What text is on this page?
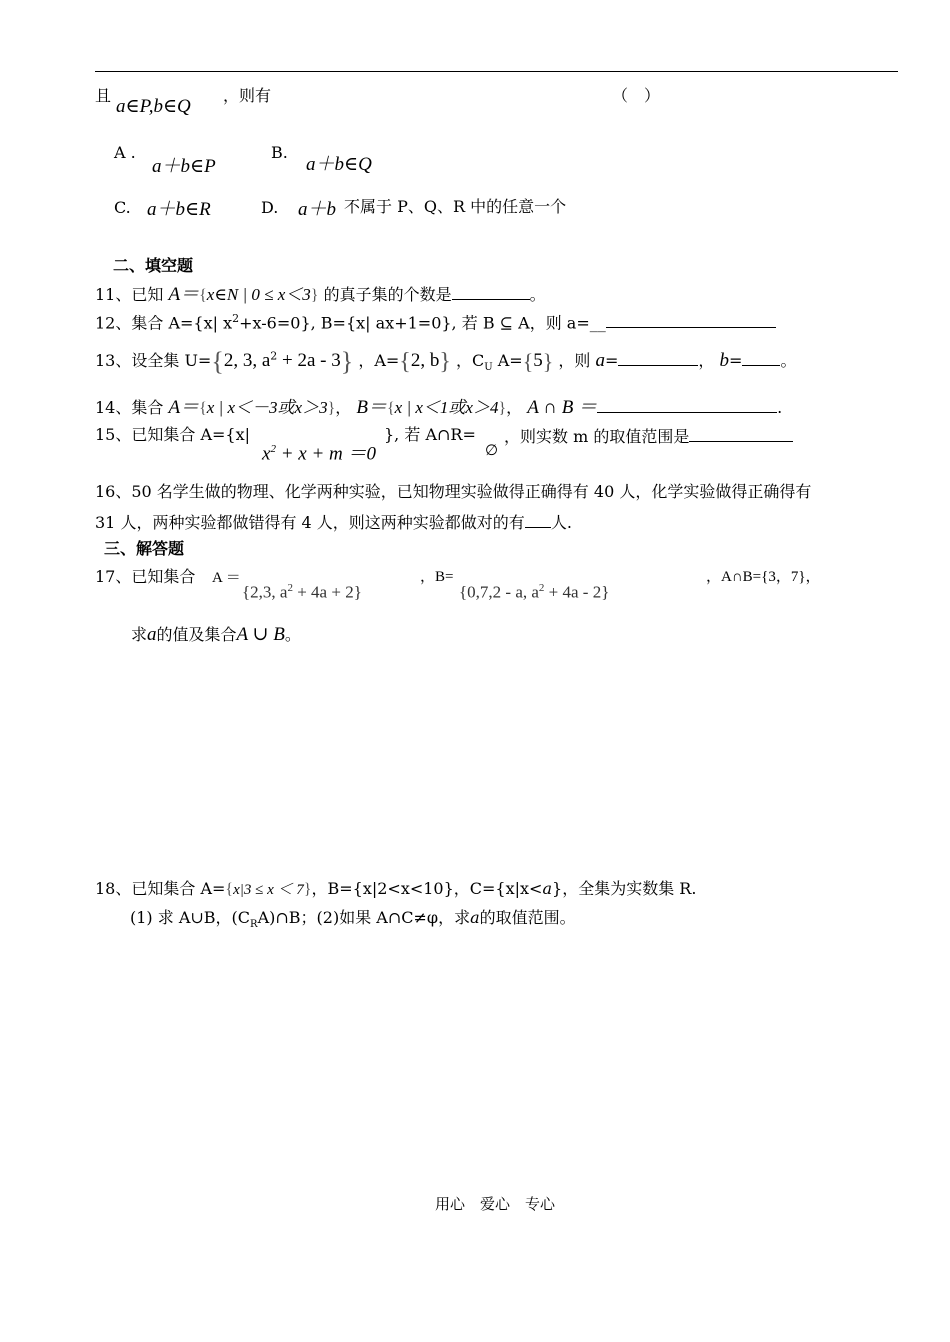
且
a∈P,b∈Q
，则有	（　）
A .
a＋b∈P
B.
a＋b∈Q
C. a＋b∈R	D. a＋b 不属于 P、Q、R 中的任意一个
二、填空题
11、已知 A＝{x∈N | 0 ≤ x＜3} 的真子集的个数是	。
12、集合 A={x| $x^2+x-6=0$}, B={x| ax+1=0}, 若 B ⊆ A，则 a=__
13、设全集 U={2, 3, $a^2 + 2a - 3$} ，A={2, b} ，$C_U$ A={5} ，则 a=	， b= 。
14、集合 A＝{x | x＜－3或x＞3}， B＝{x | x＜1或x＞4}， A ∩ B ＝	.
15、已知集合 A={x|
$x^2 + x + m =0$
}, 若 A∩R=
∅
，则实数 m 的取值范围是
16、50 名学生做的物理、化学两种实验，已知物理实验做得正确得有 40 人，化学实验做得正确得有
31 人，两种实验都做错得有 4 人，则这两种实验都做对的有 人.
三、解答题
17、已知集合 A ＝
{2,3, $a^2 + 4a + 2$}
，B=
{0,7,2 - a, $a^2 + 4a - 2$}
，A∩B={3，7}，
求a的值及集合A ∪ B。
18、已知集合 A={x|3 ≤ x ＜ 7}，B={x|2<x<10}，C={x|x<a}，全集为实数集 R.
(1) 求 A∪B，$(C_RA)\cap B$；(2)如果 A∩C≠φ，求a的取值范围。
用心　爱心　专心
